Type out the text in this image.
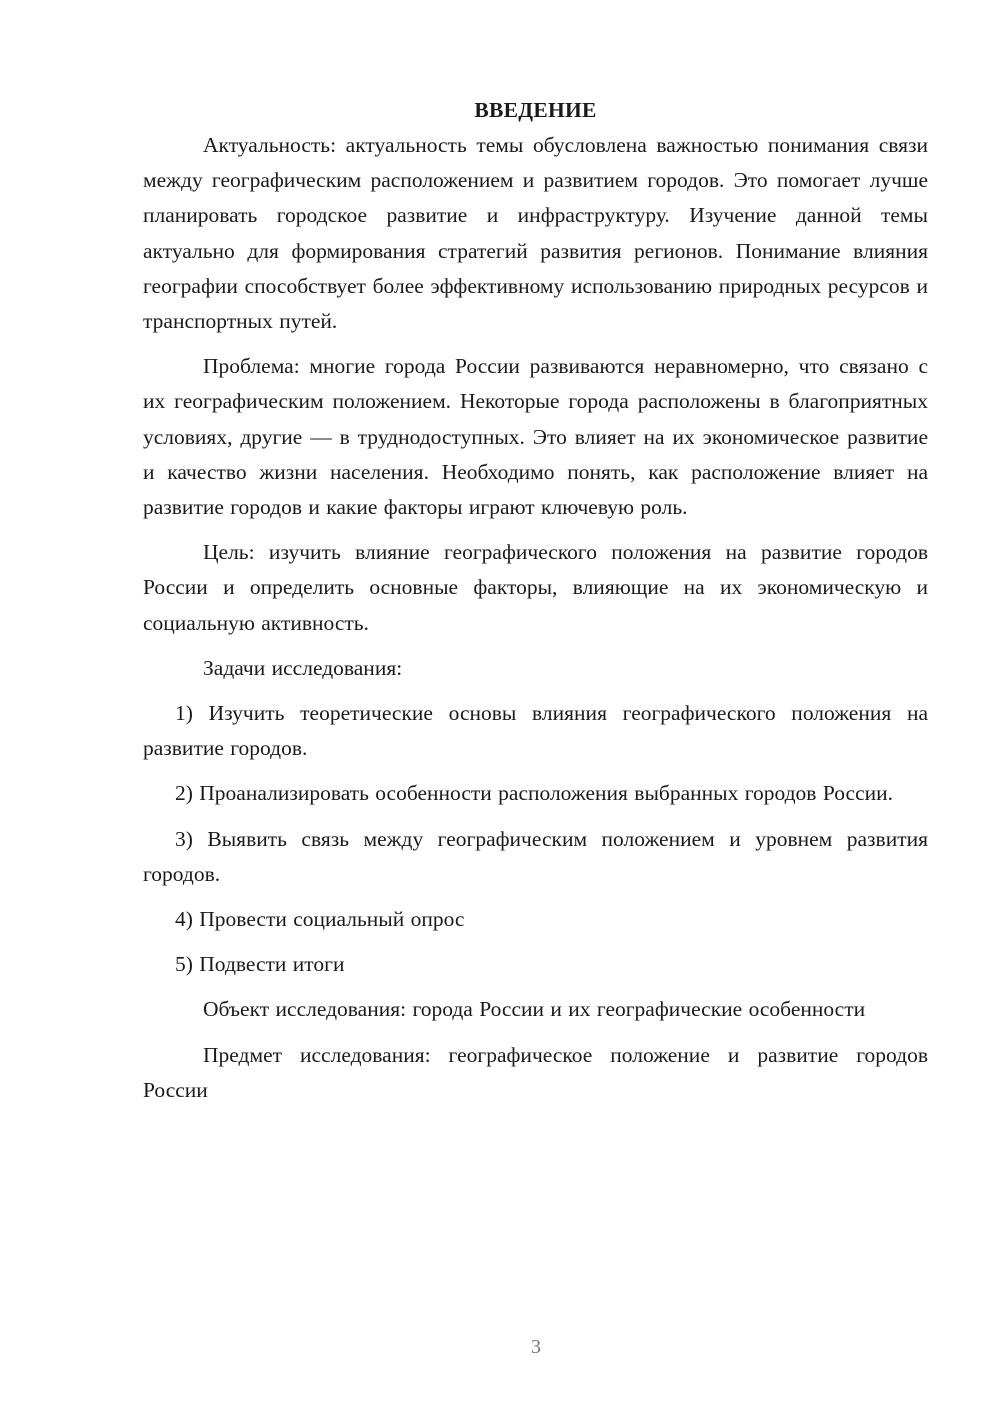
ВВЕДЕНИЕ

Актуальность: актуальность темы обусловлена важностью понимания связи между географическим расположением и развитием городов. Это помогает лучше планировать городское развитие и инфраструктуру. Изучение данной темы актуально для формирования стратегий развития регионов. Понимание влияния географии способствует более эффективному использованию природных ресурсов и транспортных путей.

Проблема: многие города России развиваются неравномерно, что связано с их географическим положением. Некоторые города расположены в благоприятных условиях, другие — в труднодоступных. Это влияет на их экономическое развитие и качество жизни населения. Необходимо понять, как расположение влияет на развитие городов и какие факторы играют ключевую роль.

Цель: изучить влияние географического положения на развитие городов России и определить основные факторы, влияющие на их экономическую и социальную активность.

Задачи исследования:

1) Изучить теоретические основы влияния географического положения на развитие городов.

2) Проанализировать особенности расположения выбранных городов России.

3) Выявить связь между географическим положением и уровнем развития городов.

4) Провести социальный опрос

5) Подвести итоги

Объект исследования: города России и их географические особенности

Предмет исследования: географическое положение и развитие городов России

3
